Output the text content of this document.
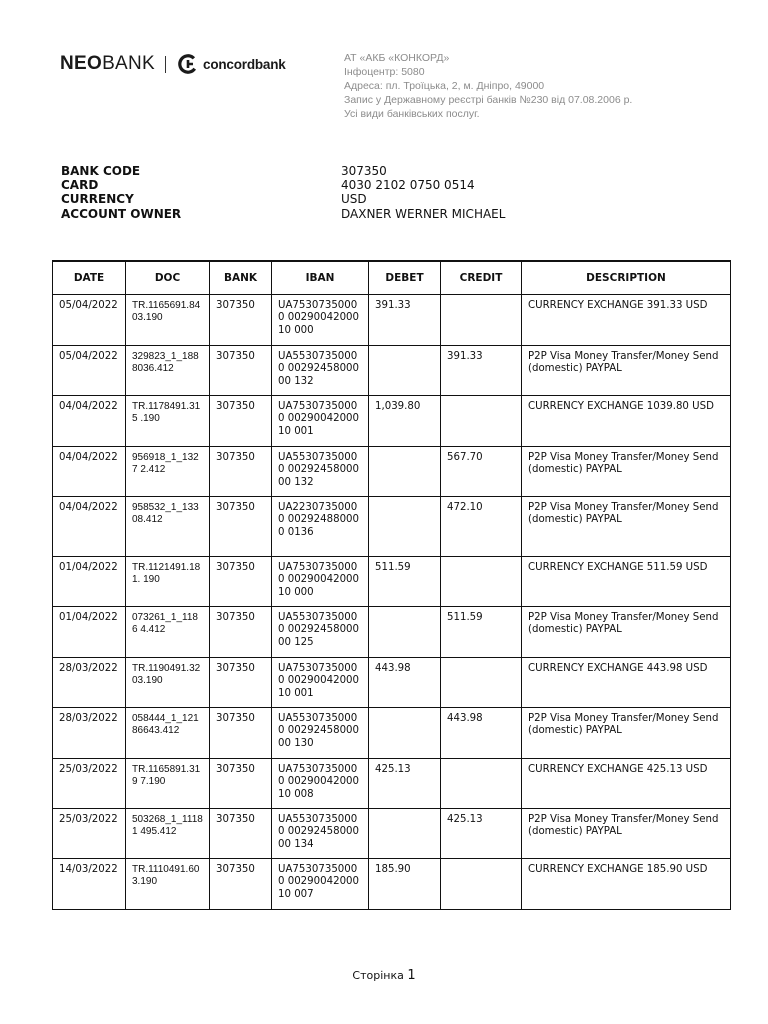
NEO BANK	concordbank	АТ «АКБ «КОНКОРД»
Інфоцентр: 5080
Адреса: пл. Троїцька, 2, м. Дніпро, 49000
Запис у Державному реєстрі банків №230 від 07.08.2006 р.
Усі види банківських послуг.
BANK CODE	307350
CARD	4030 2102 0750 0514
CURRENCY	USD
ACCOUNT OWNER	DAXNER WERNER MICHAEL
DATE	DOC	BANK	IBAN	DEBET	CREDIT	DESCRIPTION
05/04/2022	TR.1165691.84 03.190	307350	UA75307350000 0029004200010 000	391.33		CURRENCY EXCHANGE 391.33 USD
05/04/2022	329823_1_188 8036.412	307350	UA55307350000 0029245800000 132		391.33	P2P Visa Money Transfer/Money Send (domestic) PAYPAL
04/04/2022	TR.1178491.315 .190	307350	UA75307350000 0029004200010 001	1,039.80		CURRENCY EXCHANGE 1039.80 USD
04/04/2022	956918_1_1327 2.412	307350	UA55307350000 0029245800000 132		567.70	P2P Visa Money Transfer/Money Send (domestic) PAYPAL
04/04/2022	958532_1_133 08.412	307350	UA22307350000 002924880000 0136		472.10	P2P Visa Money Transfer/Money Send (domestic) PAYPAL
01/04/2022	TR.1121491.181. 190	307350	UA75307350000 0029004200010 000	511.59		CURRENCY EXCHANGE 511.59 USD
01/04/2022	073261_1_1186 4.412	307350	UA55307350000 0029245800000 125		511.59	P2P Visa Money Transfer/Money Send (domestic) PAYPAL
28/03/2022	TR.1190491.32 03.190	307350	UA75307350000 0029004200010 001	443.98		CURRENCY EXCHANGE 443.98 USD
28/03/2022	058444_1_121 86643.412	307350	UA55307350000 0029245800000 130		443.98	P2P Visa Money Transfer/Money Send (domestic) PAYPAL
25/03/2022	TR.1165891.319 7.190	307350	UA75307350000 0029004200010 008	425.13		CURRENCY EXCHANGE 425.13 USD
25/03/2022	503268_1_11181 495.412	307350	UA55307350000 0029245800000 134		425.13	P2P Visa Money Transfer/Money Send (domestic) PAYPAL
14/03/2022	TR.1110491.60 3.190	307350	UA75307350000 0029004200010 007	185.90		CURRENCY EXCHANGE 185.90 USD
Сторінка 1
